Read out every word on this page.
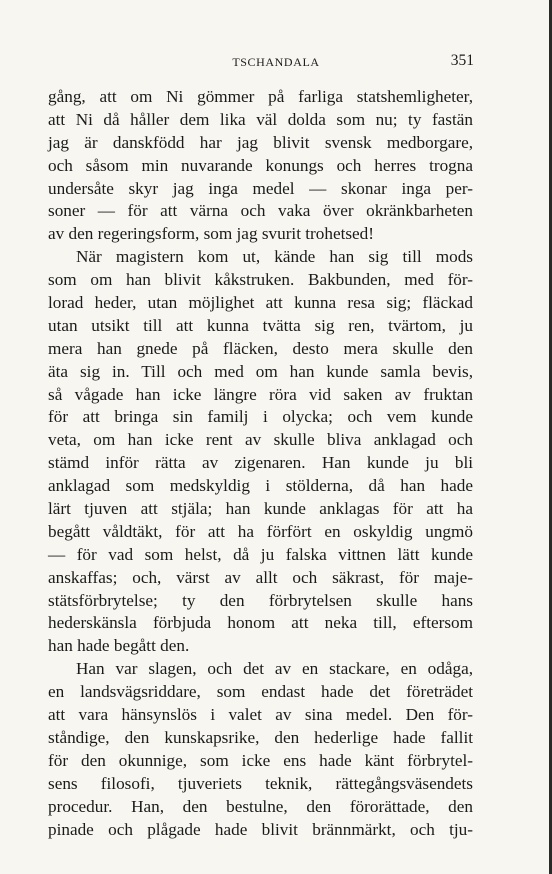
TSCHANDALA	351
gång, att om Ni gömmer på farliga statshemligheter,
att Ni då håller dem lika väl dolda som nu; ty fastän
jag är danskfödd har jag blivit svensk medborgare,
och såsom min nuvarande konungs och herres trogna
undersåte skyr jag inga medel — skonar inga per-
soner — för att värna och vaka över okränkbarheten
av den regeringsform, som jag svurit trohetsed!
När magistern kom ut, kände han sig till mods
som om han blivit kåkstruken. Bakbunden, med för-
lorad heder, utan möjlighet att kunna resa sig; fläckad
utan utsikt till att kunna tvätta sig ren, tvärtom, ju
mera han gnede på fläcken, desto mera skulle den
äta sig in. Till och med om han kunde samla bevis,
så vågade han icke längre röra vid saken av fruktan
för att bringa sin familj i olycka; och vem kunde
veta, om han icke rent av skulle bliva anklagad och
stämd inför rätta av zigenaren. Han kunde ju bli
anklagad som medskyldig i stölderna, då han hade
lärt tjuven att stjäla; han kunde anklagas för att ha
begått våldtäkt, för att ha förfört en oskyldig ungmö
— för vad som helst, då ju falska vittnen lätt kunde
anskaffas; och, värst av allt och säkrast, för maje-
stätsförbrytelse; ty den förbrytelsen skulle hans
hederskänsla förbjuda honom att neka till, eftersom
han hade begått den.
Han var slagen, och det av en stackare, en odåga,
en landsvägsriddare, som endast hade det företrädet
att vara hänsynslös i valet av sina medel. Den för-
ståndige, den kunskapsrike, den hederlige hade fallit
för den okunnige, som icke ens hade känt förbrytel-
sens filosofi, tjuveriets teknik, rättegångsväsendets
procedur. Han, den bestulne, den förorättade, den
pinade och plågade hade blivit brännmärkt, och tju-
